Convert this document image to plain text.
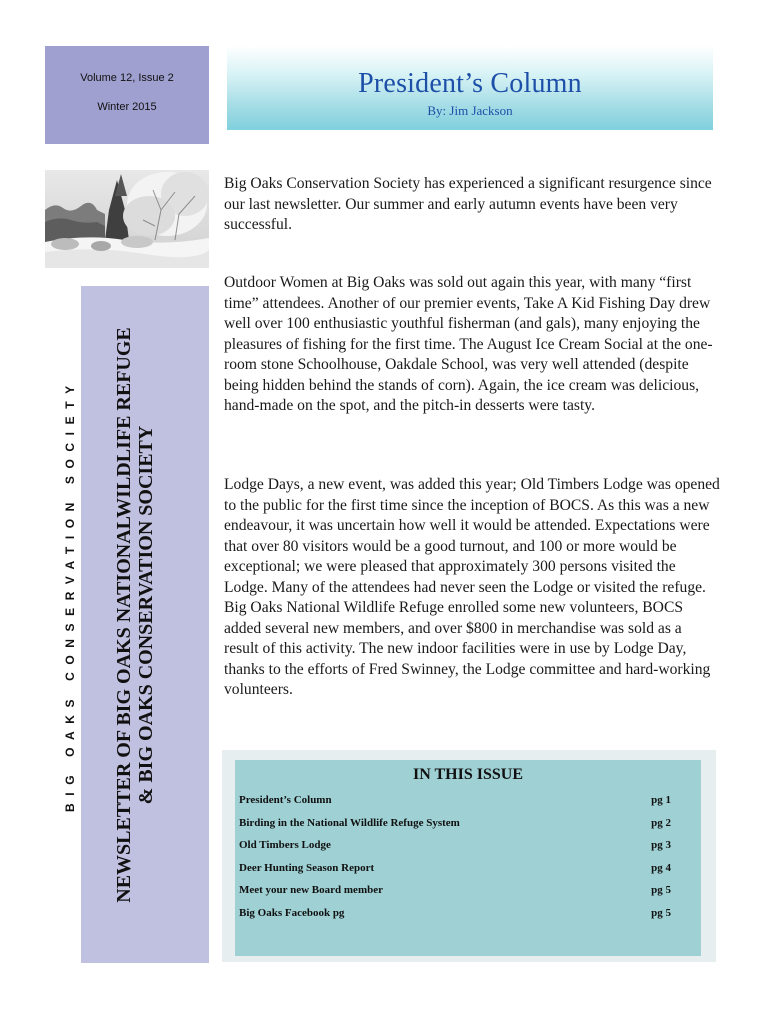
Volume 12, Issue 2
Winter 2015
President’s Column
By: Jim Jackson
BIG OAKS CONSERVATION SOCIETY NEWSLETTER OF BIG OAKS NATIONALWILDLIFE REFUGE & BIG OAKS CONSERVATION SOCIETY

Big Oaks Conservation Society has experienced a significant resurgence since our last newsletter. Our summer and early autumn events have been very successful.

Outdoor Women at Big Oaks was sold out again this year, with many “first time” attendees. Another of our premier events, Take A Kid Fishing Day drew well over 100 enthusiastic youthful fisherman (and gals), many enjoying the pleasures of fishing for the first time. The August Ice Cream Social at the one-room stone Schoolhouse, Oakdale School, was very well attended (despite being hidden behind the stands of corn). Again, the ice cream was delicious, hand-made on the spot, and the pitch-in desserts were tasty.

Lodge Days, a new event, was added this year; Old Timbers Lodge was opened to the public for the first time since the inception of BOCS. As this was a new endeavour, it was uncertain how well it would be attended. Expectations were that over 80 visitors would be a good turnout, and 100 or more would be exceptional; we were pleased that approximately 300 persons visited the Lodge. Many of the attendees had never seen the Lodge or visited the refuge. Big Oaks National Wildlife Refuge enrolled some new volunteers, BOCS added several new members, and over $800 in merchandise was sold as a result of this activity. The new indoor facilities were in use by Lodge Day, thanks to the efforts of Fred Swinney, the Lodge committee and hard-working volunteers.

IN THIS ISSUE
President’s Column	pg 1
Birding in the National Wildlife Refuge System	pg 2
Old Timbers Lodge	pg 3
Deer Hunting Season Report	pg 4
Meet your new Board member	pg 5
Big Oaks Facebook pg	pg 5
